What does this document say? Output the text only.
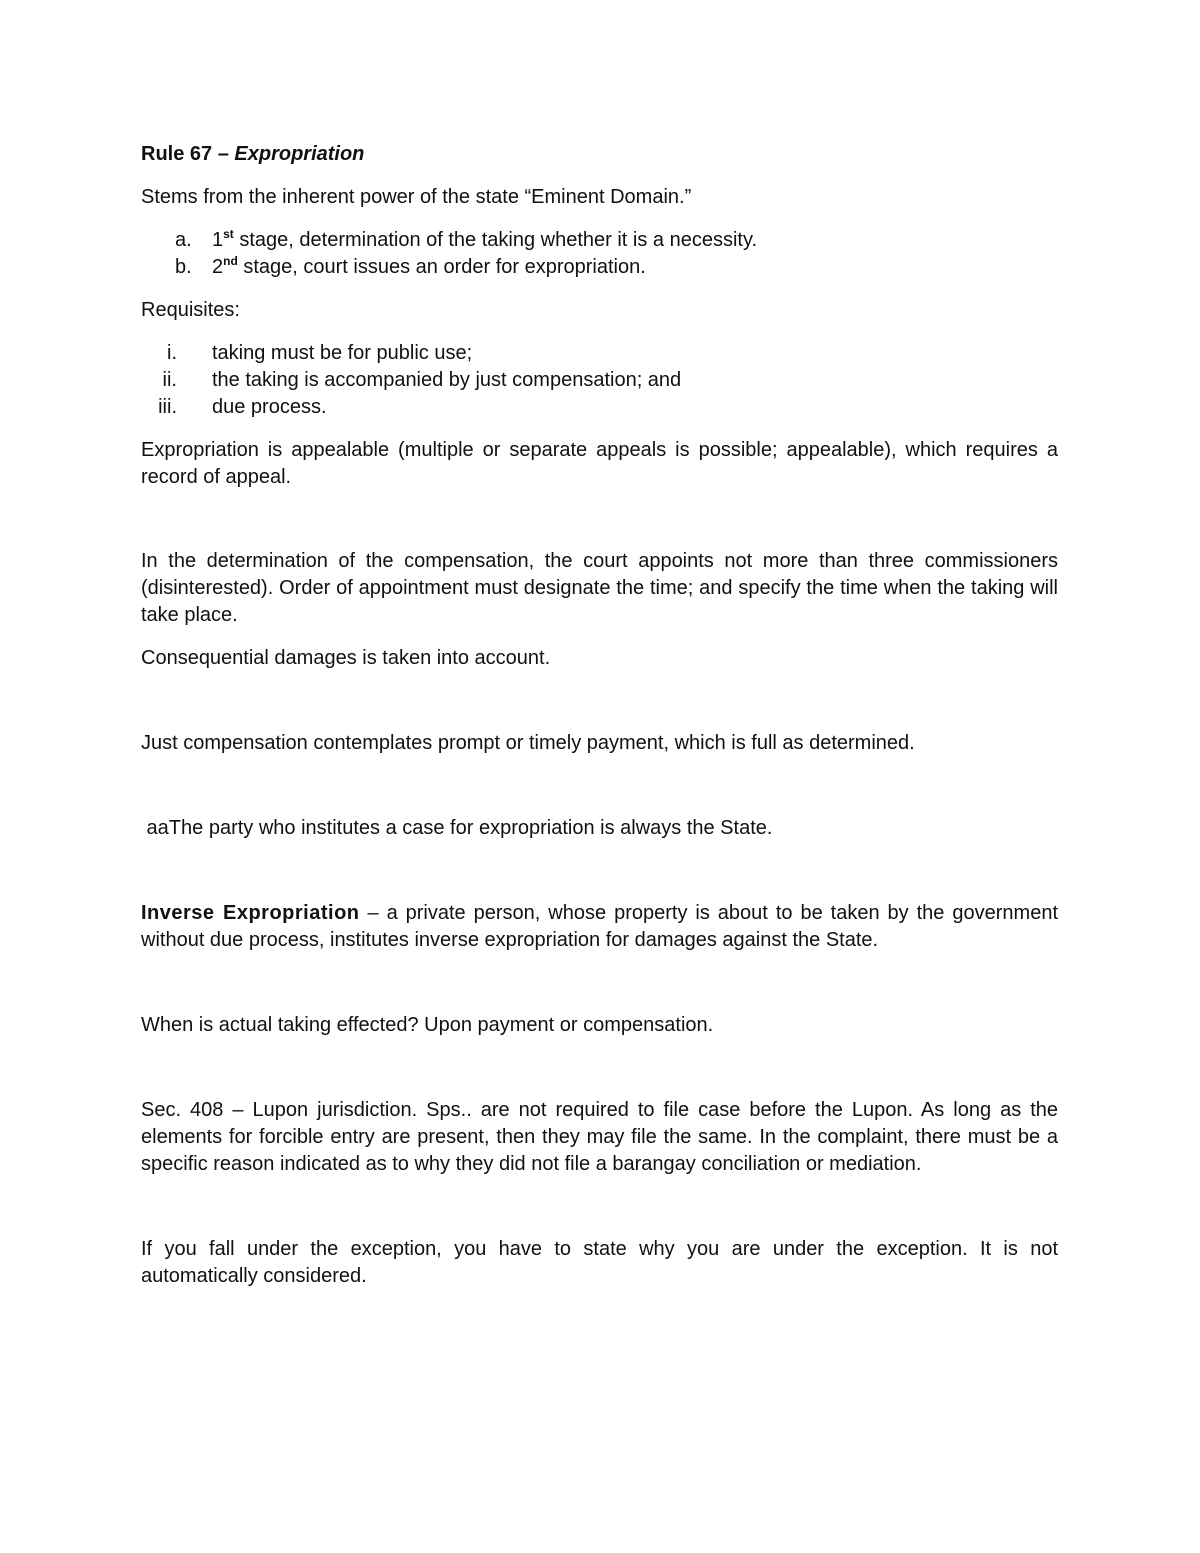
Rule 67 – Expropriation

Stems from the inherent power of the state “Eminent Domain.”

a. 1st stage, determination of the taking whether it is a necessity.
b. 2nd stage, court issues an order for expropriation.

Requisites:

i. taking must be for public use;
ii. the taking is accompanied by just compensation; and
iii. due process.

Expropriation is appealable (multiple or separate appeals is possible; appealable), which requires a record of appeal.

In the determination of the compensation, the court appoints not more than three commissioners (disinterested). Order of appointment must designate the time; and specify the time when the taking will take place.

Consequential damages is taken into account.

Just compensation contemplates prompt or timely payment, which is full as determined.

aaThe party who institutes a case for expropriation is always the State.

Inverse Expropriation – a private person, whose property is about to be taken by the government without due process, institutes inverse expropriation for damages against the State.

When is actual taking effected? Upon payment or compensation.

Sec. 408 – Lupon jurisdiction. Sps.. are not required to file case before the Lupon. As long as the elements for forcible entry are present, then they may file the same. In the complaint, there must be a specific reason indicated as to why they did not file a barangay conciliation or mediation.

If you fall under the exception, you have to state why you are under the exception. It is not automatically considered.
